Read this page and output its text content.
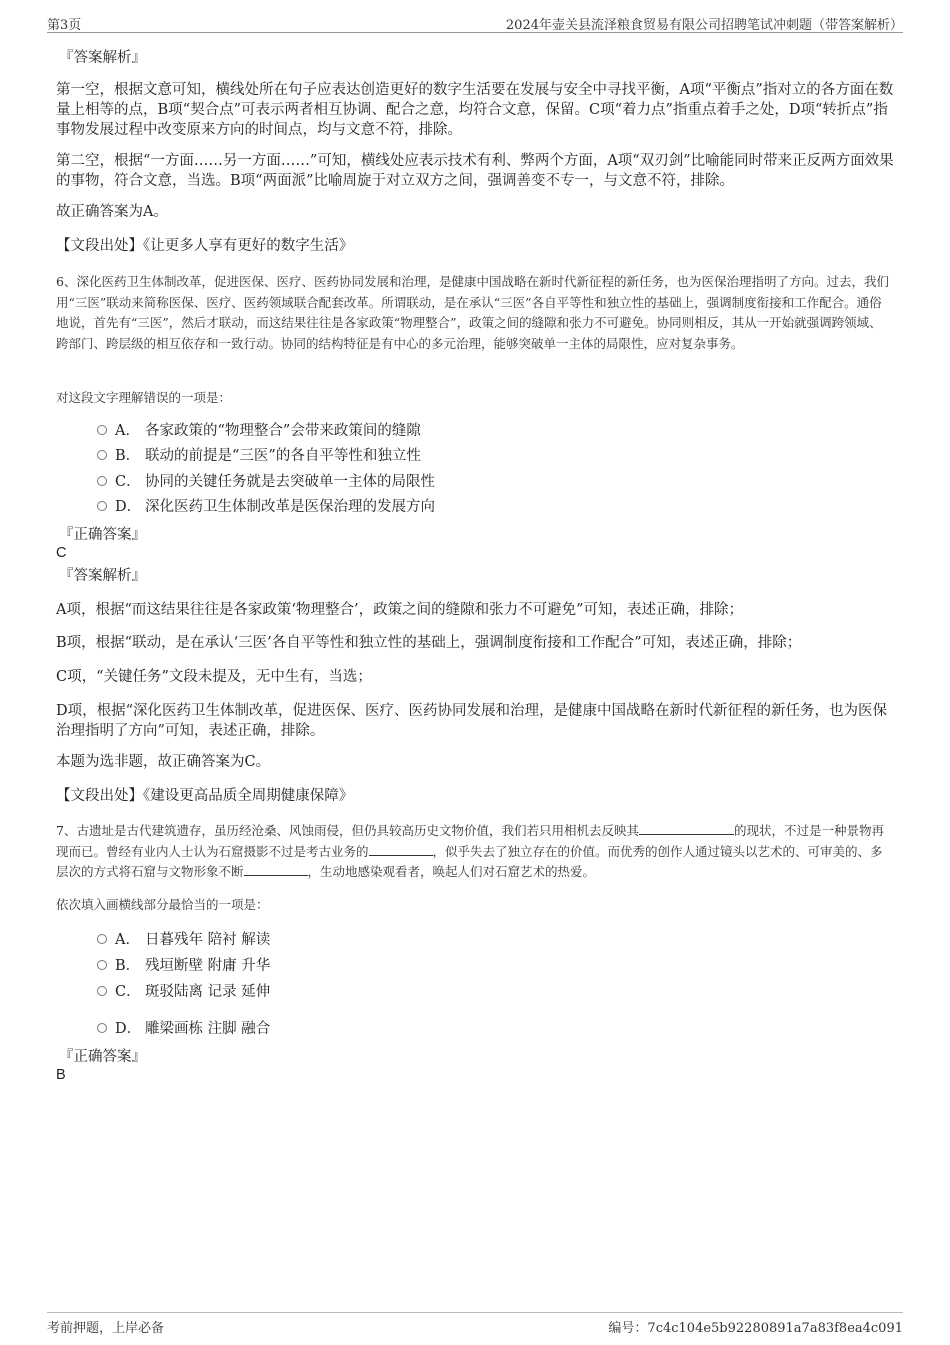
第3页	2024年壶关县流泽粮食贸易有限公司招聘笔试冲刺题（带答案解析）
『答案解析』

第一空，根据文意可知，横线处所在句子应表达创造更好的数字生活要在发展与安全中寻找平衡，A项“平衡点”指对立的各方面在数量上相等的点，B项“契合点”可表示两者相互协调、配合之意，均符合文意，保留。C项“着力点”指重点着手之处，D项“转折点”指事物发展过程中改变原来方向的时间点，均与文意不符，排除。

第二空，根据“一方面……另一方面……”可知，横线处应表示技术有利、弊两个方面，A项“双刃剑”比喻能同时带来正反两方面效果的事物，符合文意，当选。B项“两面派”比喻周旋于对立双方之间，强调善变不专一，与文意不符，排除。

故正确答案为A。

【文段出处】《让更多人享有更好的数字生活》

6、深化医药卫生体制改革，促进医保、医疗、医药协同发展和治理，是健康中国战略在新时代新征程的新任务，也为医保治理指明了方向。过去，我们用“三医”联动来简称医保、医疗、医药领域联合配套改革。所谓联动，是在承认“三医”各自平等性和独立性的基础上，强调制度衔接和工作配合。通俗地说，首先有“三医”，然后才联动，而这结果往往是各家政策“物理整合”，政策之间的缝隙和张力不可避免。协同则相反，其从一开始就强调跨领域、跨部门、跨层级的相互依存和一致行动。协同的结构特征是有中心的多元治理，能够突破单一主体的局限性，应对复杂事务。

对这段文字理解错误的一项是：
A． 各家政策的“物理整合”会带来政策间的缝隙
B． 联动的前提是“三医”的各自平等性和独立性
C． 协同的关键任务就是去突破单一主体的局限性
D． 深化医药卫生体制改革是医保治理的发展方向
『正确答案』
C
『答案解析』

A项，根据“而这结果往往是各家政策‘物理整合’，政策之间的缝隙和张力不可避免”可知，表述正确，排除；

B项，根据“联动，是在承认‘三医’各自平等性和独立性的基础上，强调制度衔接和工作配合”可知，表述正确，排除；

C项，“关键任务”文段未提及，无中生有，当选；

D项，根据“深化医药卫生体制改革，促进医保、医疗、医药协同发展和治理，是健康中国战略在新时代新征程的新任务，也为医保治理指明了方向”可知，表述正确，排除。

本题为选非题，故正确答案为C。

【文段出处】《建设更高品质全周期健康保障》

7、古遗址是古代建筑遗存，虽历经沧桑、风蚀雨侵，但仍具较高历史文物价值，我们若只用相机去反映其	的现状，不过是一种景物再现而已。曾经有业内人士认为石窟摄影不过是考古业务的	，似乎失去了独立存在的价值。而优秀的创作人通过镜头以艺术的、可审美的、多层次的方式将石窟与文物形象不断	，生动地感染观看者，唤起人们对石窟艺术的热爱。

依次填入画横线部分最恰当的一项是：
A． 日暮残年 陪衬 解读
B． 残垣断壁 附庸 升华
C． 斑驳陆离 记录 延伸
D． 雕梁画栋 注脚 融合
『正确答案』
B
考前押题，上岸必备	编号：7c4c104e5b92280891a7a83f8ea4c091
